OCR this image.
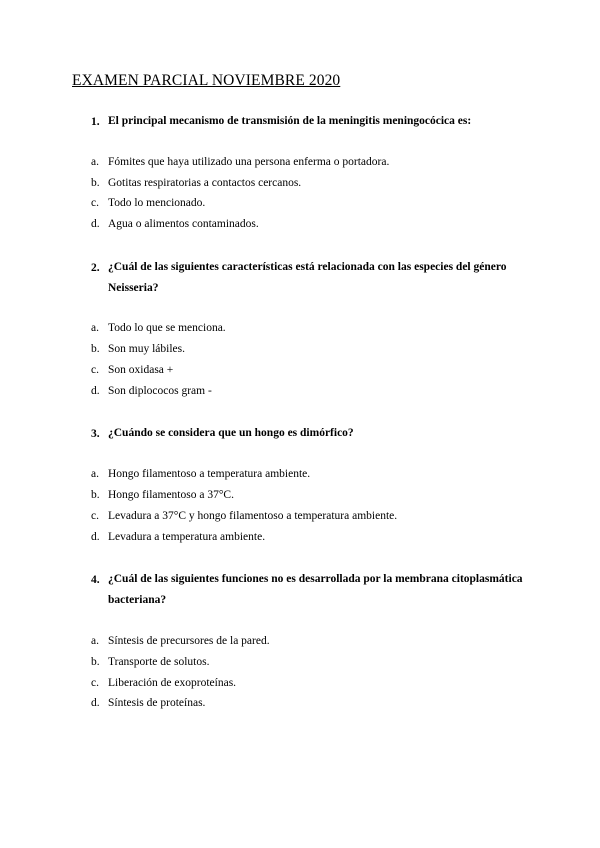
EXAMEN PARCIAL NOVIEMBRE 2020
1. El principal mecanismo de transmisión de la meningitis meningocócica es:
a. Fómites que haya utilizado una persona enferma o portadora.
b. Gotitas respiratorias a contactos cercanos.
c. Todo lo mencionado.
d. Agua o alimentos contaminados.
2. ¿Cuál de las siguientes características está relacionada con las especies del género Neisseria?
a. Todo lo que se menciona.
b. Son muy lábiles.
c. Son oxidasa +
d. Son diplococos gram -
3. ¿Cuándo se considera que un hongo es dimórfico?
a. Hongo filamentoso a temperatura ambiente.
b. Hongo filamentoso a 37°C.
c. Levadura a 37°C y hongo filamentoso a temperatura ambiente.
d. Levadura a temperatura ambiente.
4. ¿Cuál de las siguientes funciones no es desarrollada por la membrana citoplasmática bacteriana?
a. Síntesis de precursores de la pared.
b. Transporte de solutos.
c. Liberación de exoproteínas.
d. Síntesis de proteínas.
